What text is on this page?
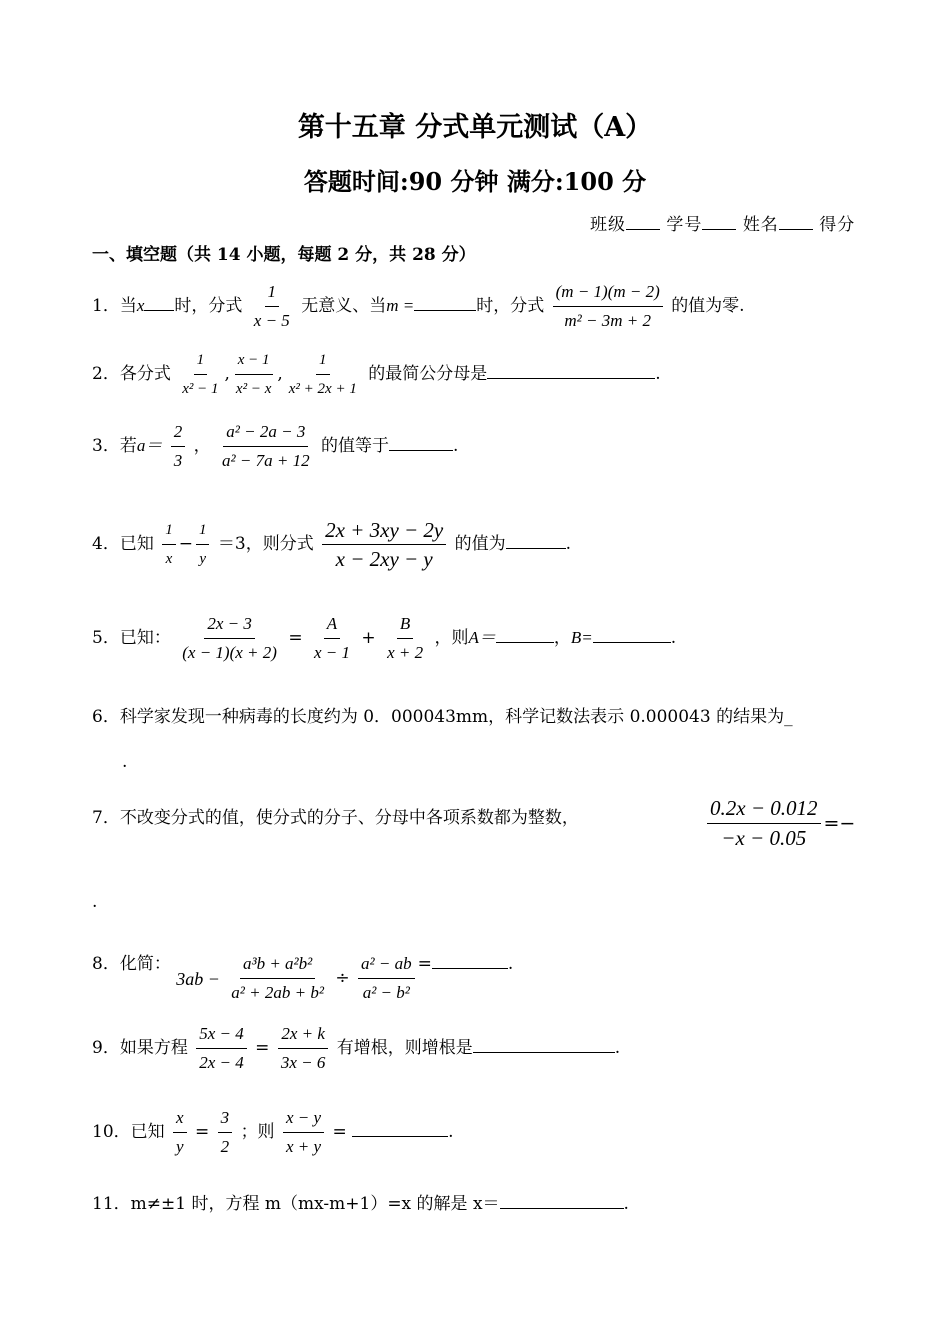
第十五章 分式单元测试（A）
答题时间:90 分钟 满分:100 分
班级 学号 姓名 得分
一、填空题（共 14 小题，每题 2 分，共 28 分）
1．当x 时，分式 $\frac{1}{x - 5}$ 无意义、当m =	时，分式 $\frac{(m - 1)(m - 2)}{\text{m² − 3m + 2}}$ 的值为零.
2．各分式 $\frac{1}{\text{x² − 1}}$ , $\frac{x - 1}{\text{x² − x}}$ , $\frac{1}{\text{x² + 2x + 1}}$ 的最简公分母是	.
3．若$a= \frac{2}{3}$ ， $\frac{\text{a² − 2a − 3}}{\text{a² − 7a + 12}}$ 的值等于	.
4．已知 $\frac{1}{x} - \frac{1}{y} =3$，则分式 $\frac{2x + 3xy - 2y}{x - 2xy - y}$ 的值为	.
5．已知： $\frac{2x - 3}{(x - 1)(x + 2)} = \frac{A}{x - 1} + \frac{B}{x + 2}$ ，则A＝	，B=	.
6．科学家发现一种病毒的长度约为 0．000043mm，科学记数法表示 0.000043 的结果为_
.
7．不改变分式的值，使分式的分子、分母中各项系数都为整数，	$\frac{0.2x - 0.012}{-x - 0.05}$ =−
.
8．化简： $3ab - \frac{\text{a³b + a²b²}}{\text{a² + 2ab + b²}} \div \frac{\text{a² − ab}}{\text{a² − b²}}$ =	.
9．如果方程 $\frac{5x - 4}{2x - 4} = \frac{2x + k}{3x - 6}$ 有增根，则增根是	.
10．已知 $\frac{x}{y} = \frac{3}{2}$ ；则 $\frac{x - y}{x + y}$ =	.
11．m≠±1 时，方程 m（mx-m+1）=x 的解是 x＝	.
